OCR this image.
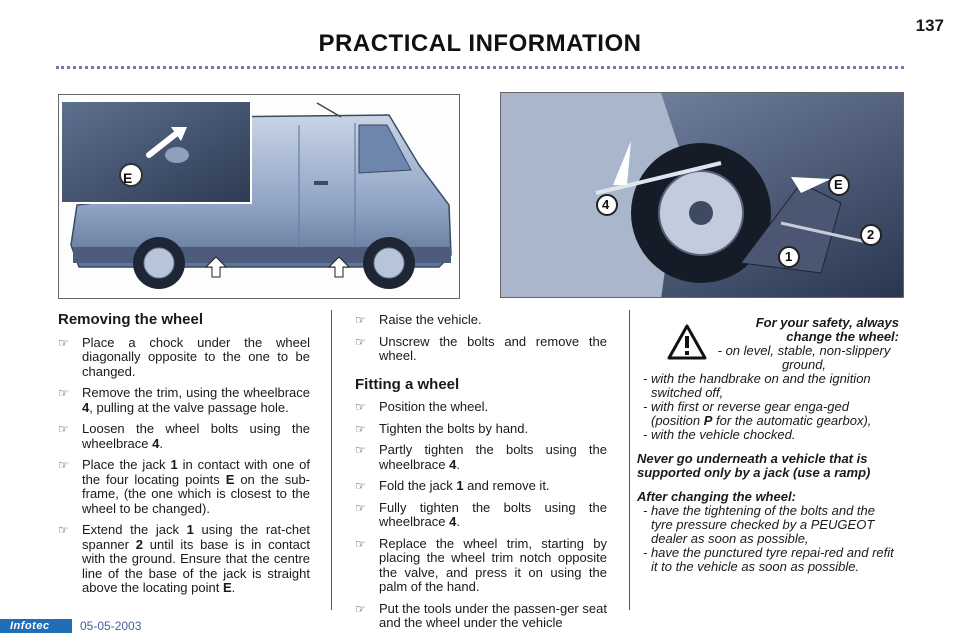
137
PRACTICAL INFORMATION
E
4
E
2
1
Removing the wheel
☞ Place a chock under the wheel diagonally opposite to the one to be changed.
☞ Remove the trim, using the wheelbrace 4, pulling at the valve passage hole.
☞ Loosen the wheel bolts using the wheelbrace 4.
☞ Place the jack 1 in contact with one of the four locating points E on the sub-frame, (the one which is closest to the wheel to be changed).
☞ Extend the jack 1 using the rat-chet spanner 2 until its base is in contact with the ground. Ensure that the centre line of the base of the jack is straight above the locating point E.
☞ Raise the vehicle.
☞ Unscrew the bolts and remove the wheel.
Fitting a wheel
☞ Position the wheel.
☞ Tighten the bolts by hand.
☞ Partly tighten the bolts using the wheelbrace 4.
☞ Fold the jack 1 and remove it.
☞ Fully tighten the bolts using the wheelbrace 4.
☞ Replace the wheel trim, starting by placing the wheel trim notch opposite the valve, and press it on using the palm of the hand.
☞ Put the tools under the passen-ger seat and the wheel under the vehicle
For your safety, always change the wheel:
- on level, stable, non-slippery ground,
- with the handbrake on and the ignition switched off,
- with first or reverse gear enga-ged (position P for the automatic gearbox),
- with the vehicle chocked.
Never go underneath a vehicle that is supported only by a jack (use a ramp)
After changing the wheel:
- have the tightening of the bolts and the tyre pressure checked by a PEUGEOT dealer as soon as possible,
- have the punctured tyre repai-red and refit it to the vehicle as soon as possible.
Infotec	05-05-2003
